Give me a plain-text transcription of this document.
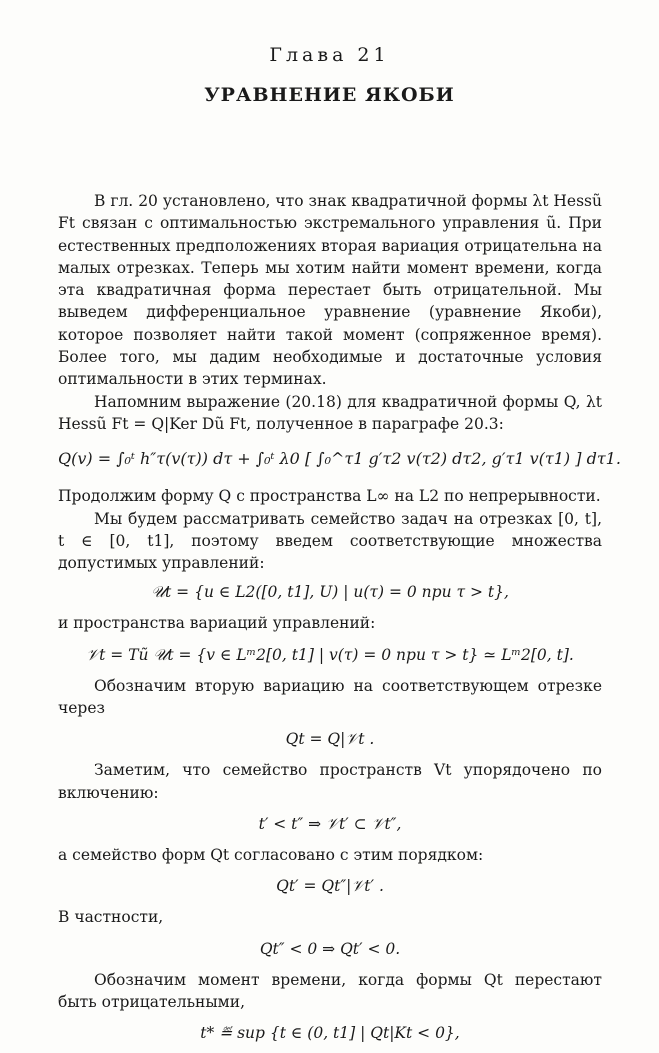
Глава 21
УРАВНЕНИЕ ЯКОБИ

В гл. 20 установлено, что знак квадратичной формы λt Hessũ Ft связан с оптимальностью экстремального управления ũ. При естественных предположениях вторая вариация отрицательна на малых отрезках. Теперь мы хотим найти момент времени, когда эта квадратичная форма перестает быть отрицательной. Мы выведем дифференциальное уравнение (уравнение Якоби), которое позволяет найти такой момент (сопряженное время). Более того, мы дадим необходимые и достаточные условия оптимальности в этих терминах.

Напомним выражение (20.18) для квадратичной формы Q, λt Hessũ Ft = Q|Ker Dũ Ft, полученное в параграфе 20.3:

Q(v) = ∫₀ᵗ h″τ(v(τ)) dτ + ∫₀ᵗ λ0 [ ∫₀^τ1 g′τ2 v(τ2) dτ2, g′τ1 v(τ1) ] dτ1.

Продолжим форму Q с пространства L∞ на L2 по непрерывности.

Мы будем рассматривать семейство задач на отрезках [0, t], t ∈ [0, t1], поэтому введем соответствующие множества допустимых управлений:

𝒰t = {u ∈ L2([0, t1], U) | u(τ) = 0 при τ > t},

и пространства вариаций управлений:

𝒱t = Tũ 𝒰t = {v ∈ Lᵐ2[0, t1] | v(τ) = 0 при τ > t} ≃ Lᵐ2[0, t].

Обозначим вторую вариацию на соответствующем отрезке через

Qt = Q|𝒱t .

Заметим, что семейство пространств Vt упорядочено по включению:

t′ < t″ ⇒ 𝒱t′ ⊂ 𝒱t″,

а семейство форм Qt согласовано с этим порядком:

Qt′ = Qt″|𝒱t′ .

В частности,

Qt″ < 0 ⇒ Qt′ < 0.

Обозначим момент времени, когда формы Qt перестают быть отрицательными,

t* ≝ sup {t ∈ (0, t1] | Qt|Kt < 0},
